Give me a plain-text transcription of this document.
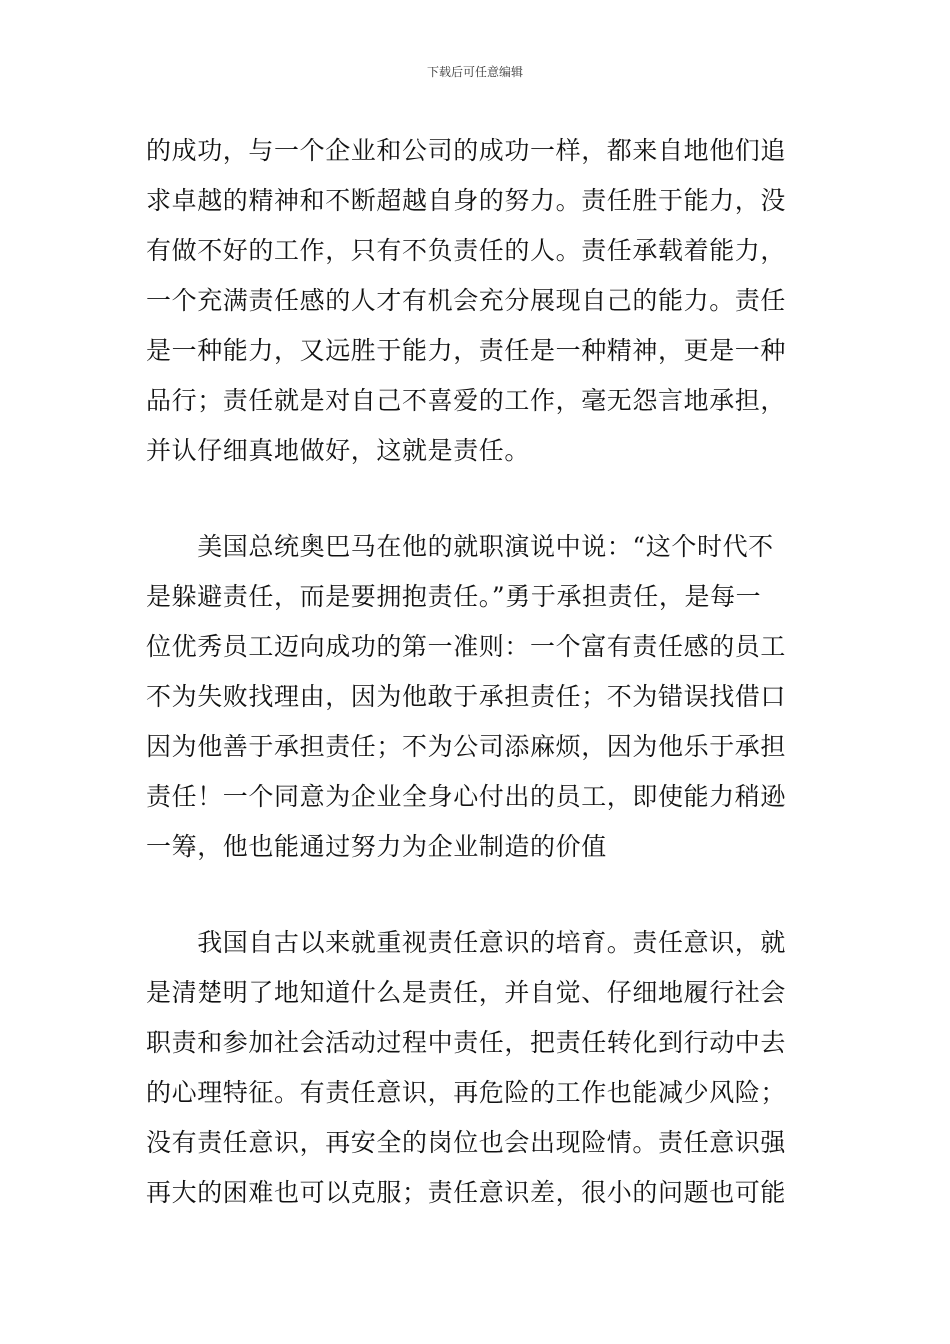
下载后可任意编辑
的成功，与一个企业和公司的成功一样，都来自地他们追
求卓越的精神和不断超越自身的努力。责任胜于能力，没
有做不好的工作，只有不负责任的人。责任承载着能力，
一个充满责任感的人才有机会充分展现自己的能力。责任
是一种能力，又远胜于能力，责任是一种精神，更是一种
品行；责任就是对自己不喜爱的工作，毫无怨言地承担，
并认仔细真地做好，这就是责任。
　　美国总统奥巴马在他的就职演说中说：“这个时代不
是躲避责任，而是要拥抱责任。”勇于承担责任，是每一
位优秀员工迈向成功的第一准则：一个富有责任感的员工
不为失败找理由，因为他敢于承担责任；不为错误找借口
因为他善于承担责任；不为公司添麻烦，因为他乐于承担
责任！一个同意为企业全身心付出的员工，即使能力稍逊
一筹，他也能通过努力为企业制造的价值
　　我国自古以来就重视责任意识的培育。责任意识，就
是清楚明了地知道什么是责任，并自觉、仔细地履行社会
职责和参加社会活动过程中责任，把责任转化到行动中去
的心理特征。有责任意识，再危险的工作也能减少风险；
没有责任意识，再安全的岗位也会出现险情。责任意识强
再大的困难也可以克服；责任意识差，很小的问题也可能
